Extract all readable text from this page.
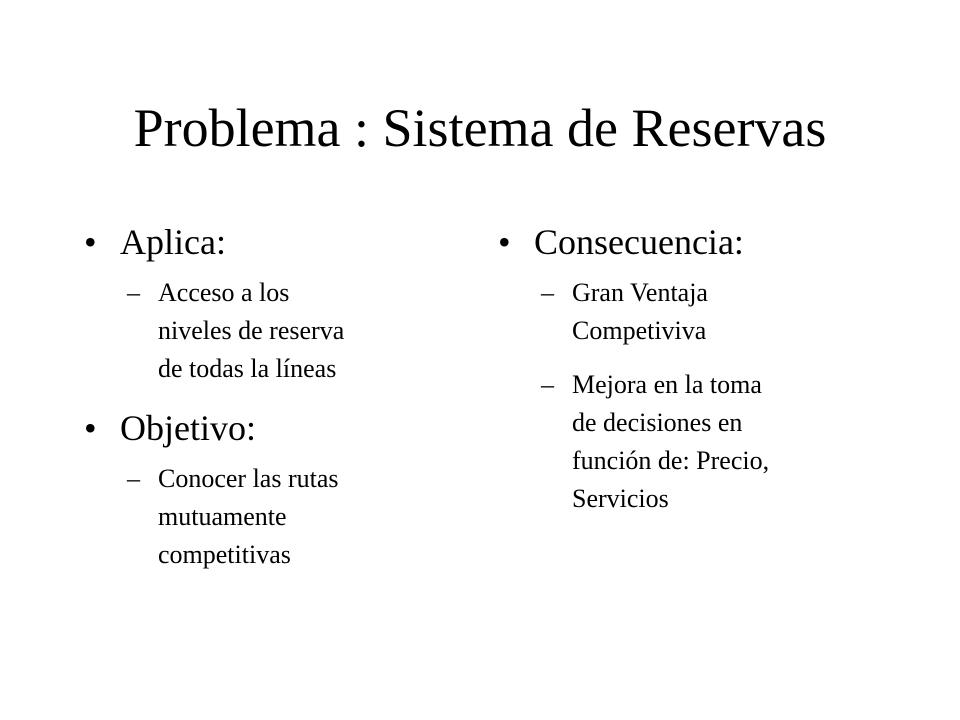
Problema : Sistema de Reservas
• Aplica:
– Acceso a los
niveles de reserva
de todas la líneas
• Objetivo:
– Conocer las rutas
mutuamente
competitivas
• Consecuencia:
– Gran Ventaja
Competiviva
– Mejora en la toma
de decisiones en
función de: Precio,
Servicios
